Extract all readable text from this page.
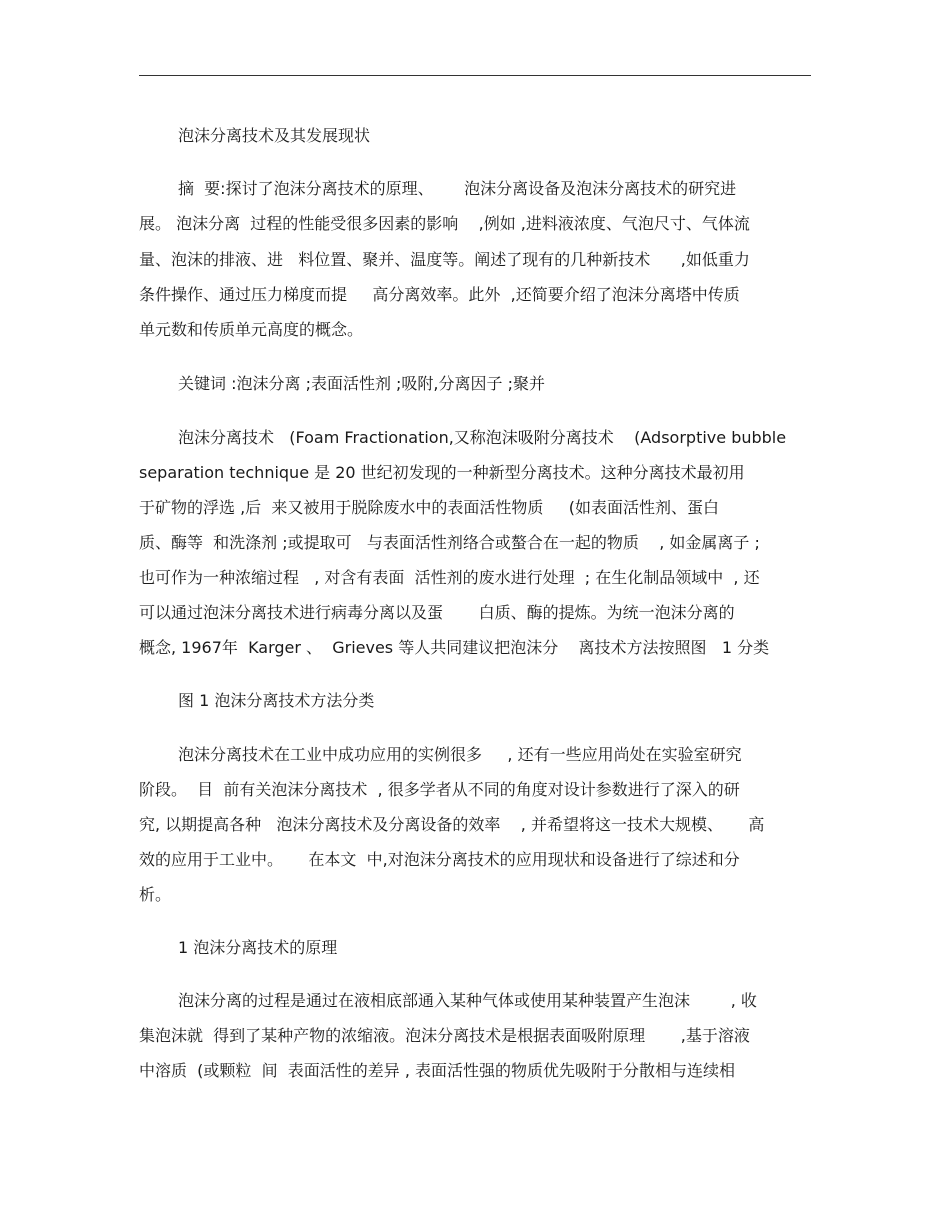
泡沫分离技术及其发展现状
摘  要:探讨了泡沫分离技术的原理、      泡沫分离设备及泡沫分离技术的研究进
展。 泡沫分离  过程的性能受很多因素的影响    ,例如 ,进料液浓度、气泡尺寸、气体流
量、泡沫的排液、进   料位置、聚并、温度等。阐述了现有的几种新技术      ,如低重力
条件操作、通过压力梯度而提     高分离效率。此外  ,还简要介绍了泡沫分离塔中传质
单元数和传质单元高度的概念。
关键词 :泡沫分离 ;表面活性剂 ;吸附,分离因子 ;聚并
泡沫分离技术   (Foam Fractionation,又称泡沫吸附分离技术    (Adsorptive bubble
separation technique 是 20 世纪初发现的一种新型分离技术。这种分离技术最初用
于矿物的浮选 ,后  来又被用于脱除废水中的表面活性物质     (如表面活性剂、蛋白
质、酶等  和洗涤剂 ;或提取可   与表面活性剂络合或螯合在一起的物质    , 如金属离子 ;
也可作为一种浓缩过程   , 对含有表面  活性剂的废水进行处理  ; 在生化制品领域中  , 还
可以通过泡沫分离技术进行病毒分离以及蛋       白质、酶的提炼。为统一泡沫分离的
概念, 1967年  Karger 、  Grieves 等人共同建议把泡沫分    离技术方法按照图   1 分类
图 1 泡沫分离技术方法分类
泡沫分离技术在工业中成功应用的实例很多     , 还有一些应用尚处在实验室研究
阶段。  目  前有关泡沫分离技术  , 很多学者从不同的角度对设计参数进行了深入的研
究, 以期提高各种   泡沫分离技术及分离设备的效率    , 并希望将这一技术大规模、     高
效的应用于工业中。     在本文  中,对泡沫分离技术的应用现状和设备进行了综述和分
析。
1 泡沫分离技术的原理
泡沫分离的过程是通过在液相底部通入某种气体或使用某种装置产生泡沫        , 收
集泡沫就  得到了某种产物的浓缩液。泡沫分离技术是根据表面吸附原理       ,基于溶液
中溶质  (或颗粒  间  表面活性的差异 , 表面活性强的物质优先吸附于分散相与连续相
